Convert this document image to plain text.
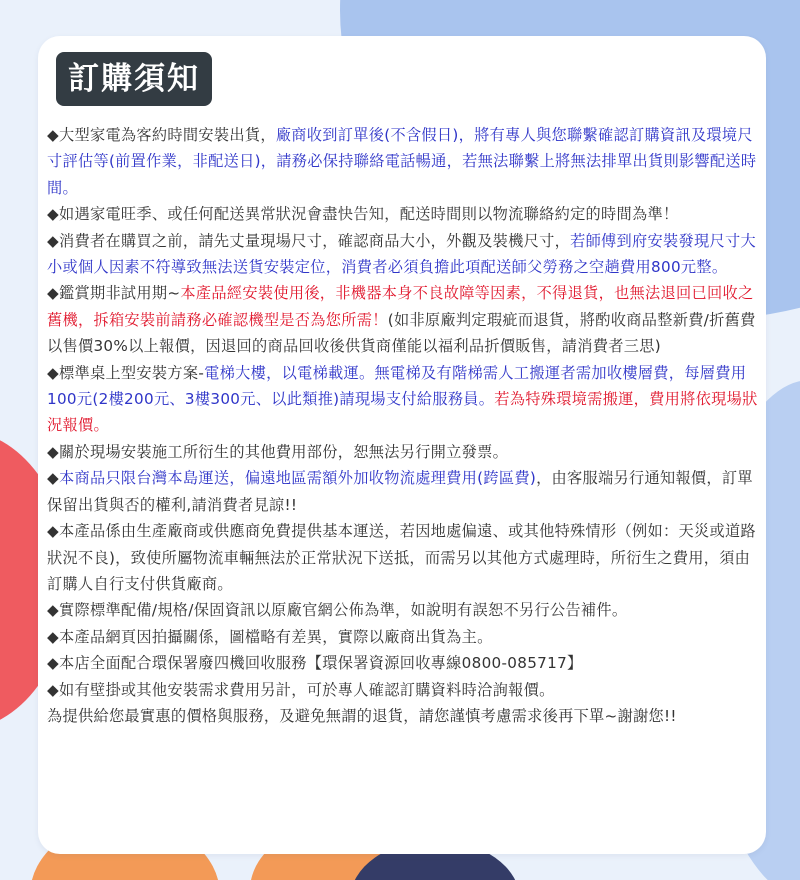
訂購須知

◆大型家電為客約時間安裝出貨，廠商收到訂單後(不含假日)，將有專人與您聯繫確認訂購資訊及環境尺寸評估等(前置作業，非配送日)，請務必保持聯絡電話暢通，若無法聯繫上將無法排單出貨則影響配送時間。

◆如遇家電旺季、或任何配送異常狀況會盡快告知，配送時間則以物流聯絡約定的時間為準！

◆消費者在購買之前，請先丈量現場尺寸，確認商品大小，外觀及裝機尺寸，若師傅到府安裝發現尺寸大小或個人因素不符導致無法送貨安裝定位，消費者必須負擔此項配送師父勞務之空趟費用800元整。

◆鑑賞期非試用期~本產品經安裝使用後，非機器本身不良故障等因素，不得退貨，也無法退回已回收之舊機，拆箱安裝前請務必確認機型是否為您所需！(如非原廠判定瑕疵而退貨，將酌收商品整新費/折舊費以售價30%以上報價，因退回的商品回收後供貨商僅能以福利品折價販售，請消費者三思)

◆標準桌上型安裝方案-電梯大樓，以電梯載運。無電梯及有階梯需人工搬運者需加收樓層費，每層費用100元(2樓200元、3樓300元、以此類推)請現場支付給服務員。若為特殊環境需搬運，費用將依現場狀況報價。

◆關於現場安裝施工所衍生的其他費用部份，恕無法另行開立發票。

◆本商品只限台灣本島運送，偏遠地區需額外加收物流處理費用(跨區費)，由客服端另行通知報價，訂單保留出貨與否的權利,請消費者見諒!!

◆本產品係由生產廠商或供應商免費提供基本運送，若因地處偏遠、或其他特殊情形（例如：天災或道路狀況不良)，致使所屬物流車輛無法於正常狀況下送抵，而需另以其他方式處理時，所衍生之費用，須由訂購人自行支付供貨廠商。

◆實際標準配備/規格/保固資訊以原廠官網公佈為準，如說明有誤恕不另行公告補件。

◆本產品網頁因拍攝關係，圖檔略有差異，實際以廠商出貨為主。

◆本店全面配合環保署廢四機回收服務【環保署資源回收專線0800-085717】

◆如有壁掛或其他安裝需求費用另計，可於專人確認訂購資料時洽詢報價。

為提供給您最實惠的價格與服務，及避免無謂的退貨，請您謹慎考慮需求後再下單~謝謝您!!
